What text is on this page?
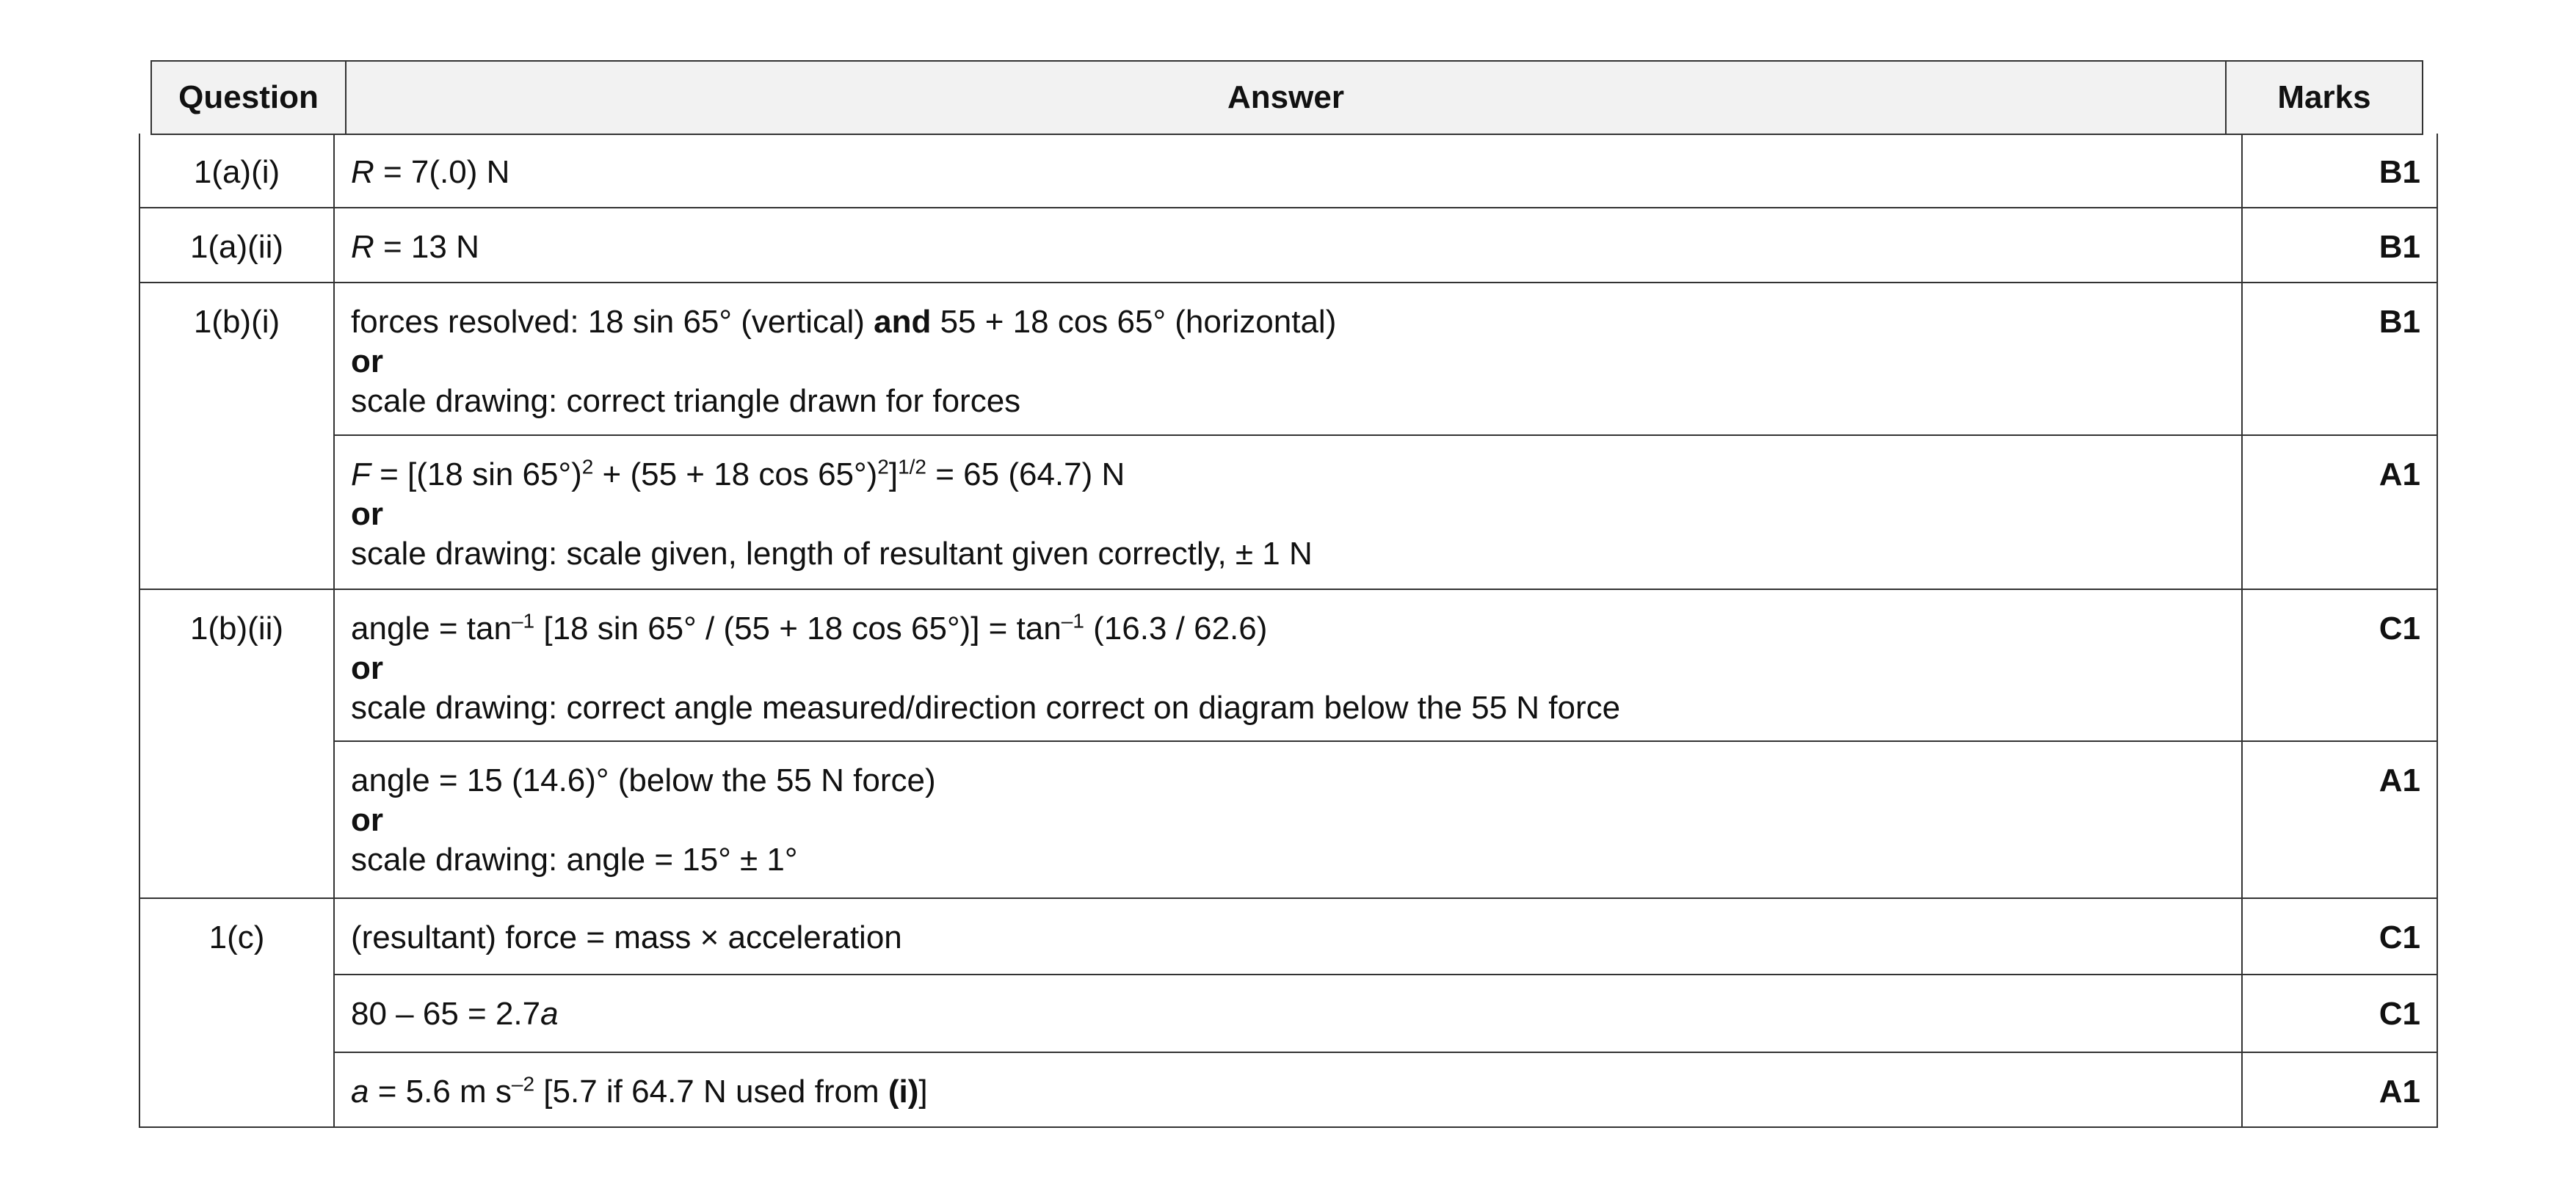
Question	Answer	Marks
1(a)(i)	R = 7(.0) N	B1
1(a)(ii)	R = 13 N	B1
1(b)(i)	forces resolved: 18 sin 65° (vertical) and 55 + 18 cos 65° (horizontal)
or
scale drawing: correct triangle drawn for forces	B1

	F = [(18 sin 65°)$^2$ + (55 + 18 cos 65°)$^2$]$^{1/2}$ = 65 (64.7) N
or
scale drawing: scale given, length of resultant given correctly, ± 1 N	A1
1(b)(ii)	angle = $\tan^{-1} [18$ sin 65° / (55 + 18 $\cos 65^\circ)] = \tan^{-1} (16.3 / 62.6)$
or
scale drawing: correct angle measured/direction correct on diagram below the 55 N force	C1

	angle = 15 (14.6)° (below the 55 N force)
or
scale drawing: angle = 15° ± 1°	A1
1(c)	(resultant) force = mass × acceleration	C1
	80 – 65 = 2.7a	C1
	a = 5.6 m $s^{-2}$ [5.7 if 64.7 N used from (i)]	A1
